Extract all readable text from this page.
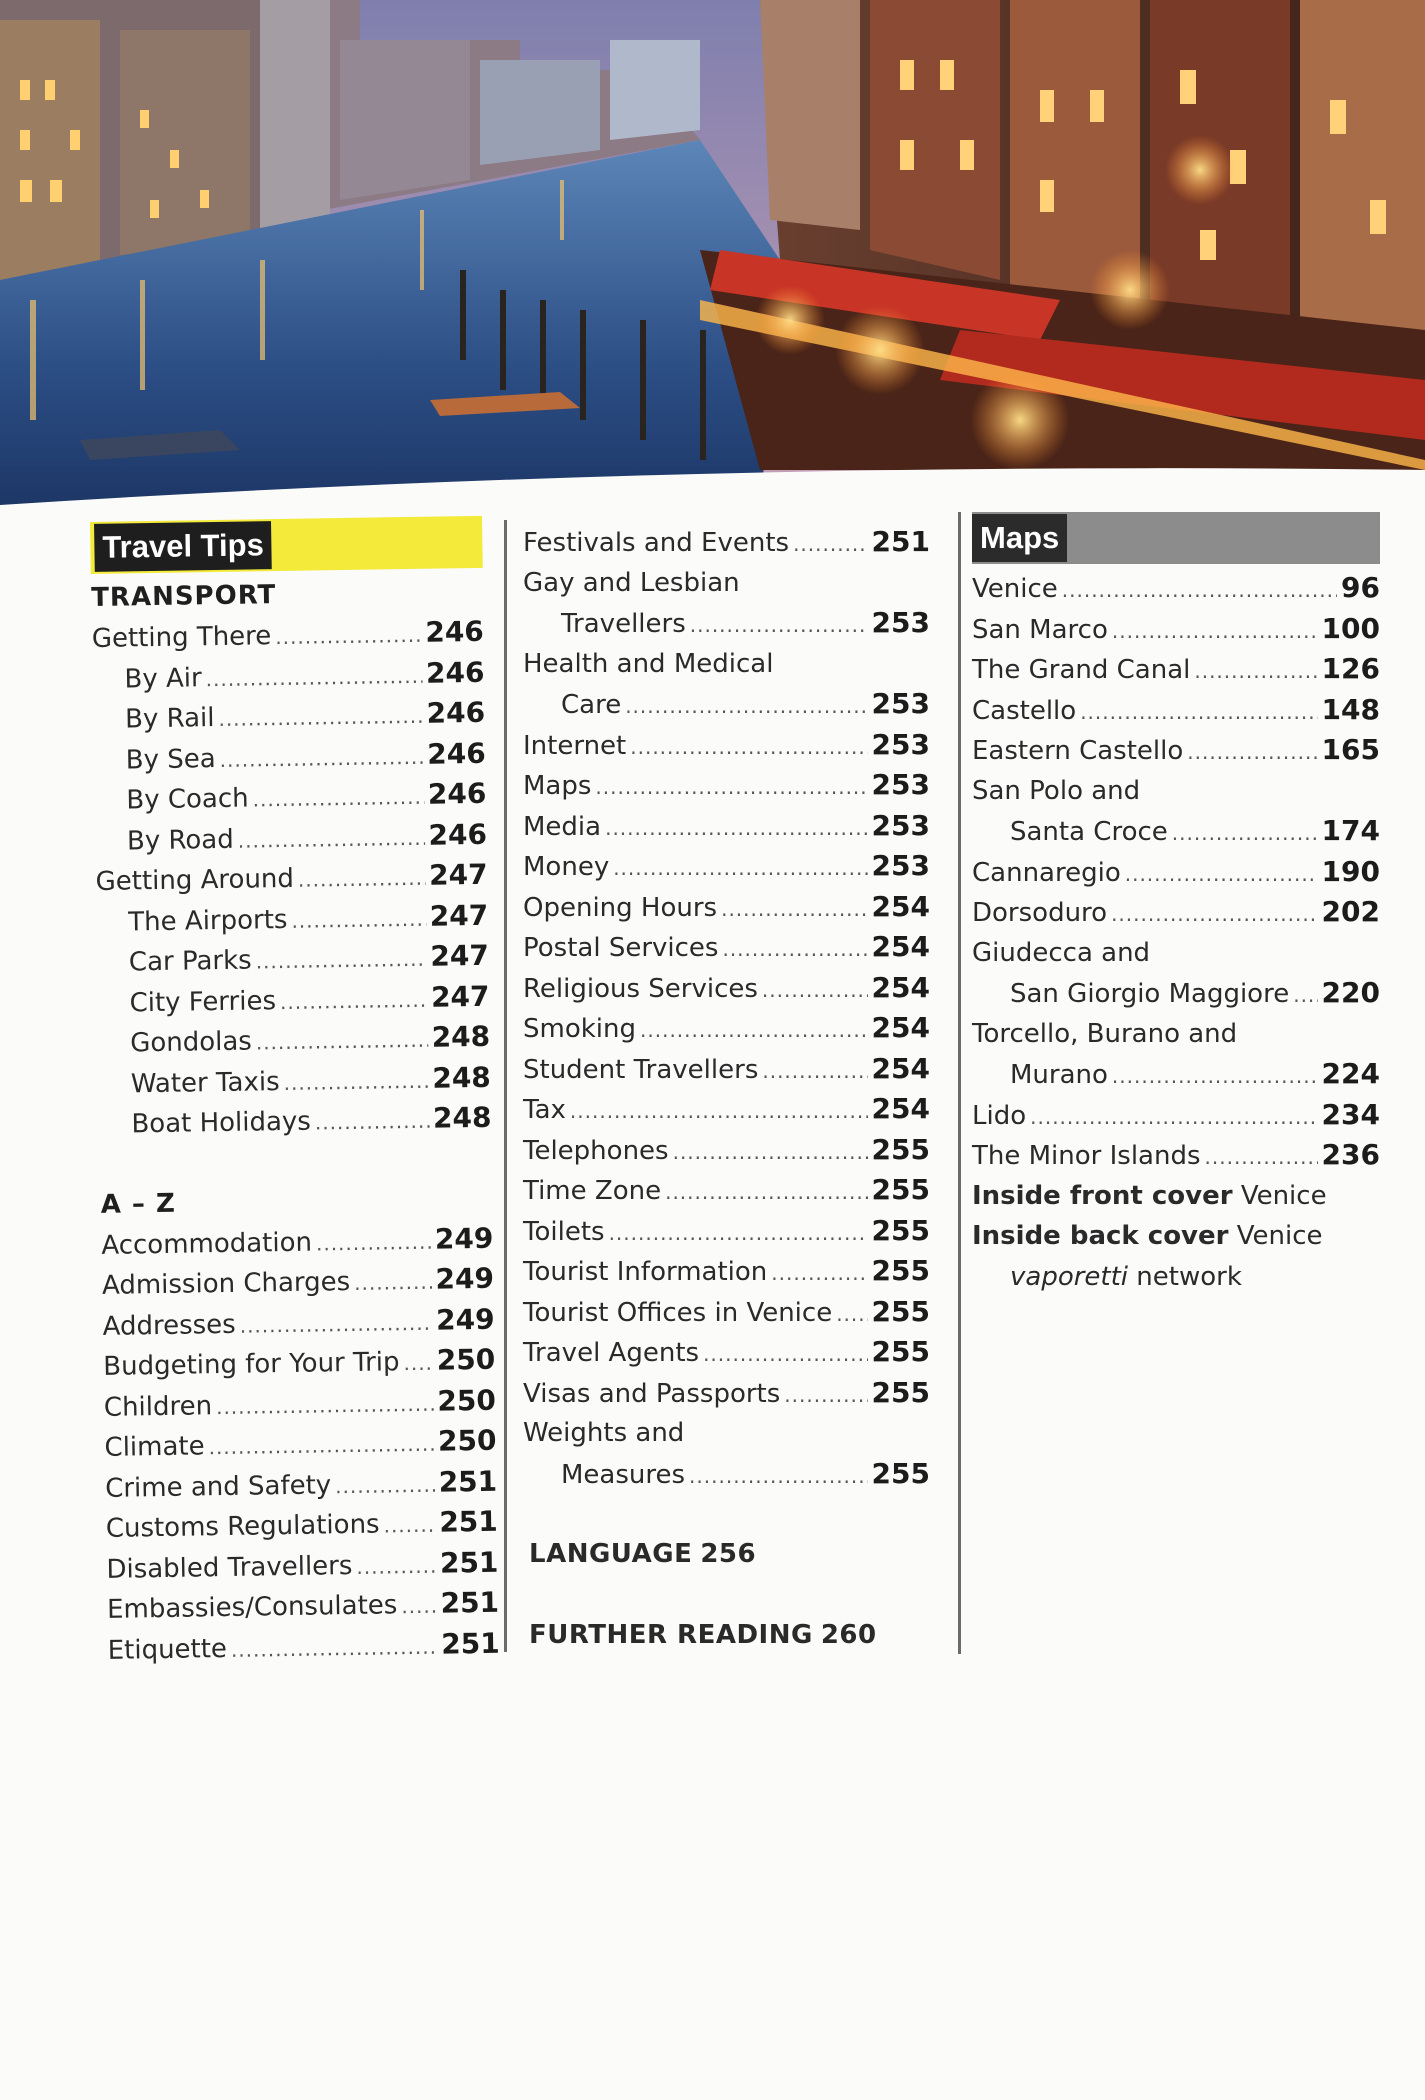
Travel Tips
TRANSPORT
Getting There .....	246
By Air .....	246
By Rail .....	246
By Sea .....	246
By Coach .....	246
By Road .....	246
Getting Around .....	247
The Airports .....	247
Car Parks .....	247
City Ferries .....	247
Gondolas .....	248
Water Taxis .....	248
Boat Holidays .....	248
A – Z
Accommodation .....	249
Admission Charges .....	249
Addresses .....	249
Budgeting for Your Trip ..... 250
Children .....	250
Climate .....	250
Crime and Safety .....	251
Customs Regulations ..... 251
Disabled Travellers .....	251
Embassies/Consulates ..... 251
Etiquette .....	251
Festivals and Events .....	251
Gay and Lesbian
Travellers .....	253
Health and Medical
Care .....	253
Internet .....	253
Maps .....	253
Media .....	253
Money .....	253
Opening Hours .....	254
Postal Services .....	254
Religious Services .....	254
Smoking .....	254
Student Travellers .....	254
Tax .....	254
Telephones .....	255
Time Zone .....	255
Toilets .....	255
Tourist Information .....	255
Tourist Offices in Venice ..... 255
Travel Agents .....	255
Visas and Passports .....	255
Weights and
Measures .....	255
LANGUAGE 256
FURTHER READING 260
Maps
Venice .....	96
San Marco .....	100
The Grand Canal .....	126
Castello .....	148
Eastern Castello .....	165
San Polo and
Santa Croce .....	174
Cannaregio .....	190
Dorsoduro .....	202
Giudecca and
San Giorgio Maggiore ..... 220
Torcello, Burano and
Murano .....	224
Lido .....	234
The Minor Islands .....	236
Inside front cover Venice
Inside back cover Venice
vaporetti network
